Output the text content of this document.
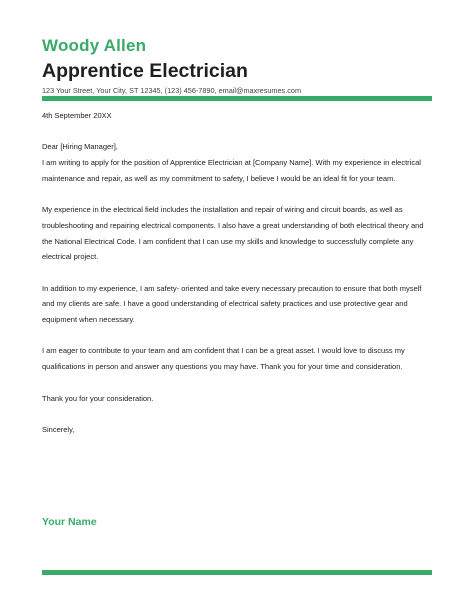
Woody Allen
Apprentice Electrician
123 Your Street, Your City, ST 12345, (123) 456-7890, email@maxresumes.com

4th September 20XX

Dear [Hiring Manager],

I am writing to apply for the position of Apprentice Electrician at [Company Name]. With my experience in electrical maintenance and repair, as well as my commitment to safety, I believe I would be an ideal fit for your team.

My experience in the electrical field includes the installation and repair of wiring and circuit boards, as well as troubleshooting and repairing electrical components. I also have a great understanding of both electrical theory and the National Electrical Code. I am confident that I can use my skills and knowledge to successfully complete any electrical project.

In addition to my experience, I am safety- oriented and take every necessary precaution to ensure that both myself and my clients are safe. I have a good understanding of electrical safety practices and use protective gear and equipment when necessary.

I am eager to contribute to your team and am confident that I can be a great asset. I would love to discuss my qualifications in person and answer any questions you may have. Thank you for your time and consideration.

Thank you for your consideration.

Sincerely,

Your Name
